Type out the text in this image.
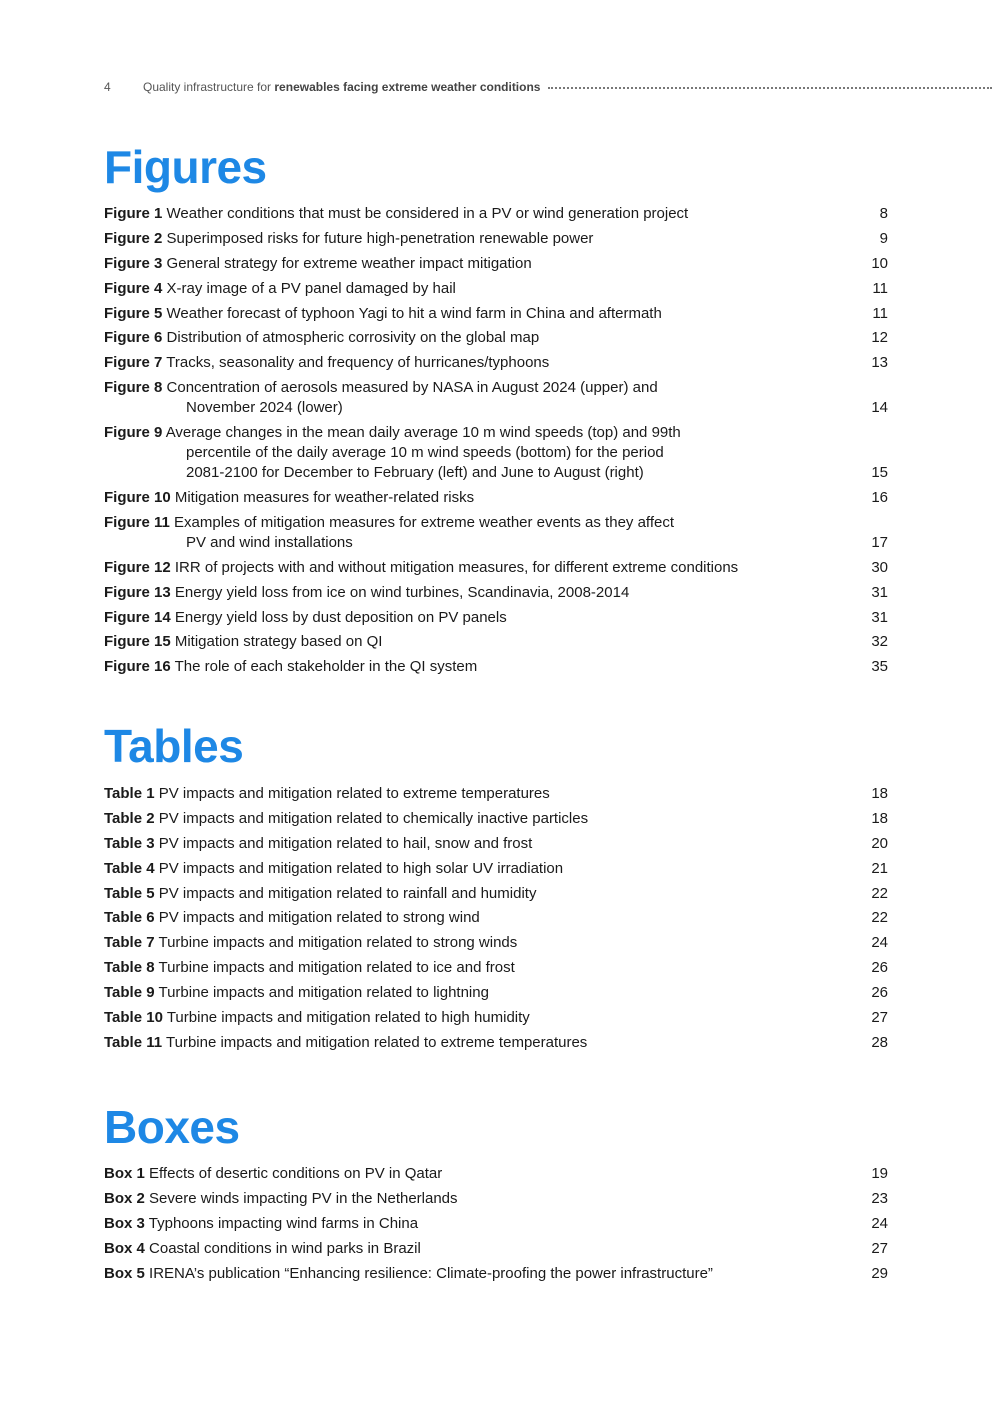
4	Quality infrastructure for renewables facing extreme weather conditions
Figures
Figure 1 Weather conditions that must be considered in a PV or wind generation project	8
Figure 2 Superimposed risks for future high-penetration renewable power	9
Figure 3 General strategy for extreme weather impact mitigation	10
Figure 4 X-ray image of a PV panel damaged by hail	11
Figure 5 Weather forecast of typhoon Yagi to hit a wind farm in China and aftermath	11
Figure 6 Distribution of atmospheric corrosivity on the global map	12
Figure 7 Tracks, seasonality and frequency of hurricanes/typhoons	13
Figure 8 Concentration of aerosols measured by NASA in August 2024 (upper) and
November 2024 (lower)	14
Figure 9 Average changes in the mean daily average 10 m wind speeds (top) and 99th
percentile of the daily average 10 m wind speeds (bottom) for the period
2081-2100 for December to February (left) and June to August (right)	15
Figure 10 Mitigation measures for weather-related risks	16
Figure 11 Examples of mitigation measures for extreme weather events as they affect
PV and wind installations	17
Figure 12 IRR of projects with and without mitigation measures, for different extreme conditions	30
Figure 13 Energy yield loss from ice on wind turbines, Scandinavia, 2008-2014	31
Figure 14 Energy yield loss by dust deposition on PV panels	31
Figure 15 Mitigation strategy based on QI	32
Figure 16 The role of each stakeholder in the QI system	35
Tables
Table 1 PV impacts and mitigation related to extreme temperatures	18
Table 2 PV impacts and mitigation related to chemically inactive particles	18
Table 3 PV impacts and mitigation related to hail, snow and frost	20
Table 4 PV impacts and mitigation related to high solar UV irradiation	21
Table 5 PV impacts and mitigation related to rainfall and humidity	22
Table 6 PV impacts and mitigation related to strong wind	22
Table 7 Turbine impacts and mitigation related to strong winds	24
Table 8 Turbine impacts and mitigation related to ice and frost	26
Table 9 Turbine impacts and mitigation related to lightning	26
Table 10 Turbine impacts and mitigation related to high humidity	27
Table 11 Turbine impacts and mitigation related to extreme temperatures	28
Boxes
Box 1 Effects of desertic conditions on PV in Qatar	19
Box 2 Severe winds impacting PV in the Netherlands	23
Box 3 Typhoons impacting wind farms in China	24
Box 4 Coastal conditions in wind parks in Brazil	27
Box 5 IRENA’s publication “Enhancing resilience: Climate-proofing the power infrastructure”	29
